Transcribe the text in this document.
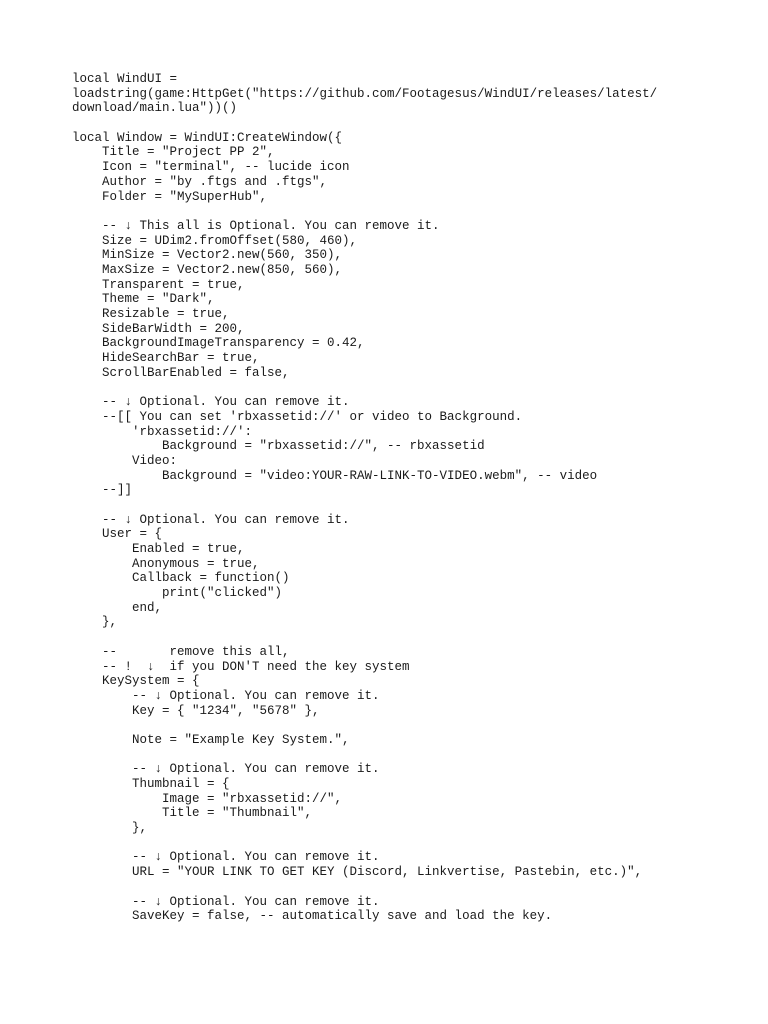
local WindUI =
loadstring(game:HttpGet("https://github.com/Footagesus/WindUI/releases/latest/
download/main.lua"))()
local Window = WindUI:CreateWindow({
Title = "Project PP 2",
Icon = "terminal", -- lucide icon
Author = "by .ftgs and .ftgs",
Folder = "MySuperHub",
-- ↓ This all is Optional. You can remove it.
Size = UDim2.fromOffset(580, 460),
MinSize = Vector2.new(560, 350),
MaxSize = Vector2.new(850, 560),
Transparent = true,
Theme = "Dark",
Resizable = true,
SideBarWidth = 200,
BackgroundImageTransparency = 0.42,
HideSearchBar = true,
ScrollBarEnabled = false,
-- ↓ Optional. You can remove it.
--[[ You can set 'rbxassetid://' or video to Background.
'rbxassetid://':
Background = "rbxassetid://", -- rbxassetid
Video:
Background = "video:YOUR-RAW-LINK-TO-VIDEO.webm", -- video
--]]
-- ↓ Optional. You can remove it.
User = {
Enabled = true,
Anonymous = true,
Callback = function()
print("clicked")
end,
},
--       remove this all,
-- !  ↓  if you DON'T need the key system
KeySystem = {
-- ↓ Optional. You can remove it.
Key = { "1234", "5678" },
Note = "Example Key System.",
-- ↓ Optional. You can remove it.
Thumbnail = {
Image = "rbxassetid://",
Title = "Thumbnail",
},
-- ↓ Optional. You can remove it.
URL = "YOUR LINK TO GET KEY (Discord, Linkvertise, Pastebin, etc.)",
-- ↓ Optional. You can remove it.
SaveKey = false, -- automatically save and load the key.
